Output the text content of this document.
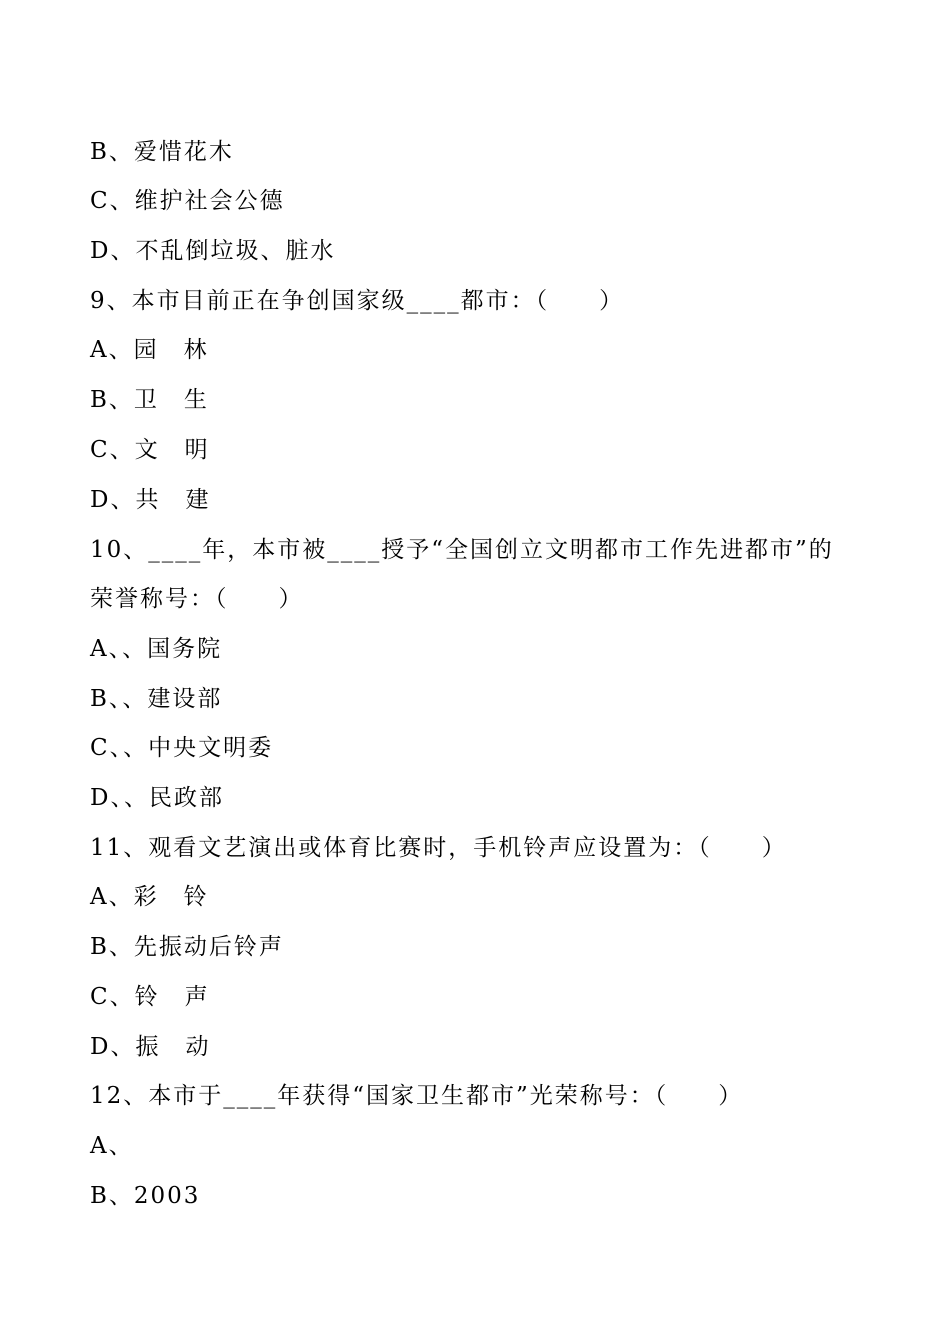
B、爱惜花木
C、维护社会公德
D、不乱倒垃圾、脏水
9、本市目前正在争创国家级____都市：（　　）
A、园　林
B、卫　生
C、文　明
D、共　建
10、____年，本市被____授予“全国创立文明都市工作先进都市”的
荣誉称号：（　　）
A、、国务院
B、、建设部
C、、中央文明委
D、、民政部
11、观看文艺演出或体育比赛时，手机铃声应设置为：（　　）
A、彩　铃
B、先振动后铃声
C、铃　声
D、振　动
12、本市于____年获得“国家卫生都市”光荣称号：（　　）
A、
B、2003
